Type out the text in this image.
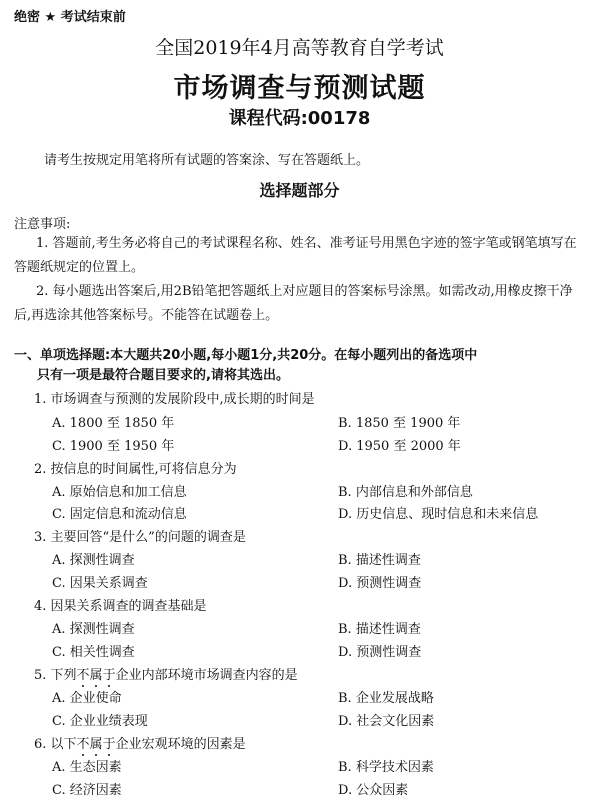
绝密 ★ 考试结束前
全国2019年4月高等教育自学考试
市场调查与预测试题
课程代码:00178
请考生按规定用笔将所有试题的答案涂、写在答题纸上。
选择题部分
注意事项:
1. 答题前,考生务必将自己的考试课程名称、姓名、准考证号用黑色字迹的签字笔或钢笔填写在答题纸规定的位置上。
2. 每小题选出答案后,用2B铅笔把答题纸上对应题目的答案标号涂黑。如需改动,用橡皮擦干净后,再选涂其他答案标号。不能答在试题卷上。
一、单项选择题:本大题共20小题,每小题1分,共20分。在每小题列出的备选项中
只有一项是最符合题目要求的,请将其选出。
1. 市场调查与预测的发展阶段中,成长期的时间是
A. 1800 至 1850 年	B. 1850 至 1900 年
C. 1900 至 1950 年	D. 1950 至 2000 年
2. 按信息的时间属性,可将信息分为
A. 原始信息和加工信息	B. 内部信息和外部信息
C. 固定信息和流动信息	D. 历史信息、现时信息和未来信息
3. 主要回答“是什么”的问题的调查是
A. 探测性调查	B. 描述性调查
C. 因果关系调查	D. 预测性调查
4. 因果关系调查的调查基础是
A. 探测性调查	B. 描述性调查
C. 相关性调查	D. 预测性调查
5. 下列不属于企业内部环境市场调查内容的是
A. 企业使命	B. 企业发展战略
C. 企业业绩表现	D. 社会文化因素
6. 以下不属于企业宏观环境的因素是
A. 生态因素	B. 科学技术因素
C. 经济因素	D. 公众因素
